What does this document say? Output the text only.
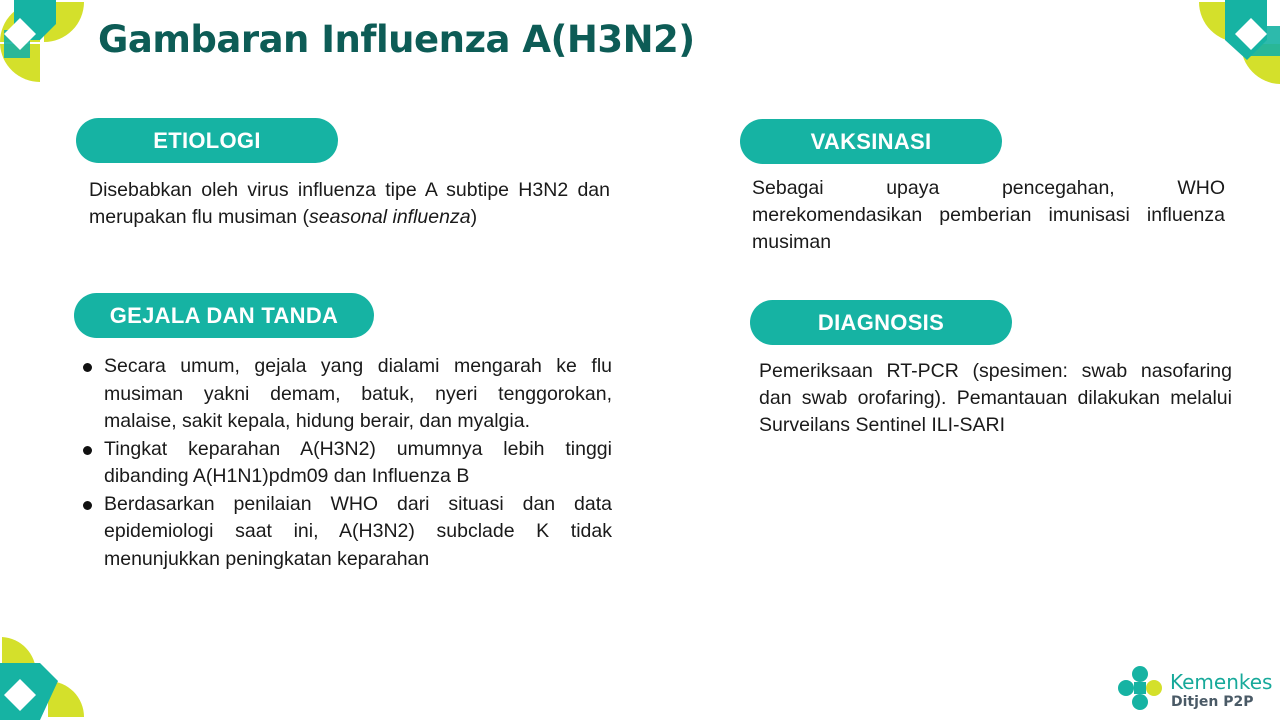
Gambaran Influenza A(H3N2)
ETIOLOGI

Disebabkan oleh virus influenza tipe A subtipe H3N2 dan merupakan flu musiman (seasonal influenza)

GEJALA DAN TANDA
Secara umum, gejala yang dialami mengarah ke flu musiman yakni demam, batuk, nyeri tenggorokan, malaise, sakit kepala, hidung berair, dan myalgia.
Tingkat keparahan A(H3N2) umumnya lebih tinggi dibanding A(H1N1)pdm09 dan Influenza B
Berdasarkan penilaian WHO dari situasi dan data epidemiologi saat ini, A(H3N2) subclade K tidak menunjukkan peningkatan keparahan
VAKSINASI

Sebagai upaya pencegahan, WHO merekomendasikan pemberian imunisasi influenza musiman

DIAGNOSIS

Pemeriksaan RT-PCR (spesimen: swab nasofaring dan swab orofaring). Pemantauan dilakukan melalui Surveilans Sentinel ILI-SARI

Kemenkes
Ditjen P2P
